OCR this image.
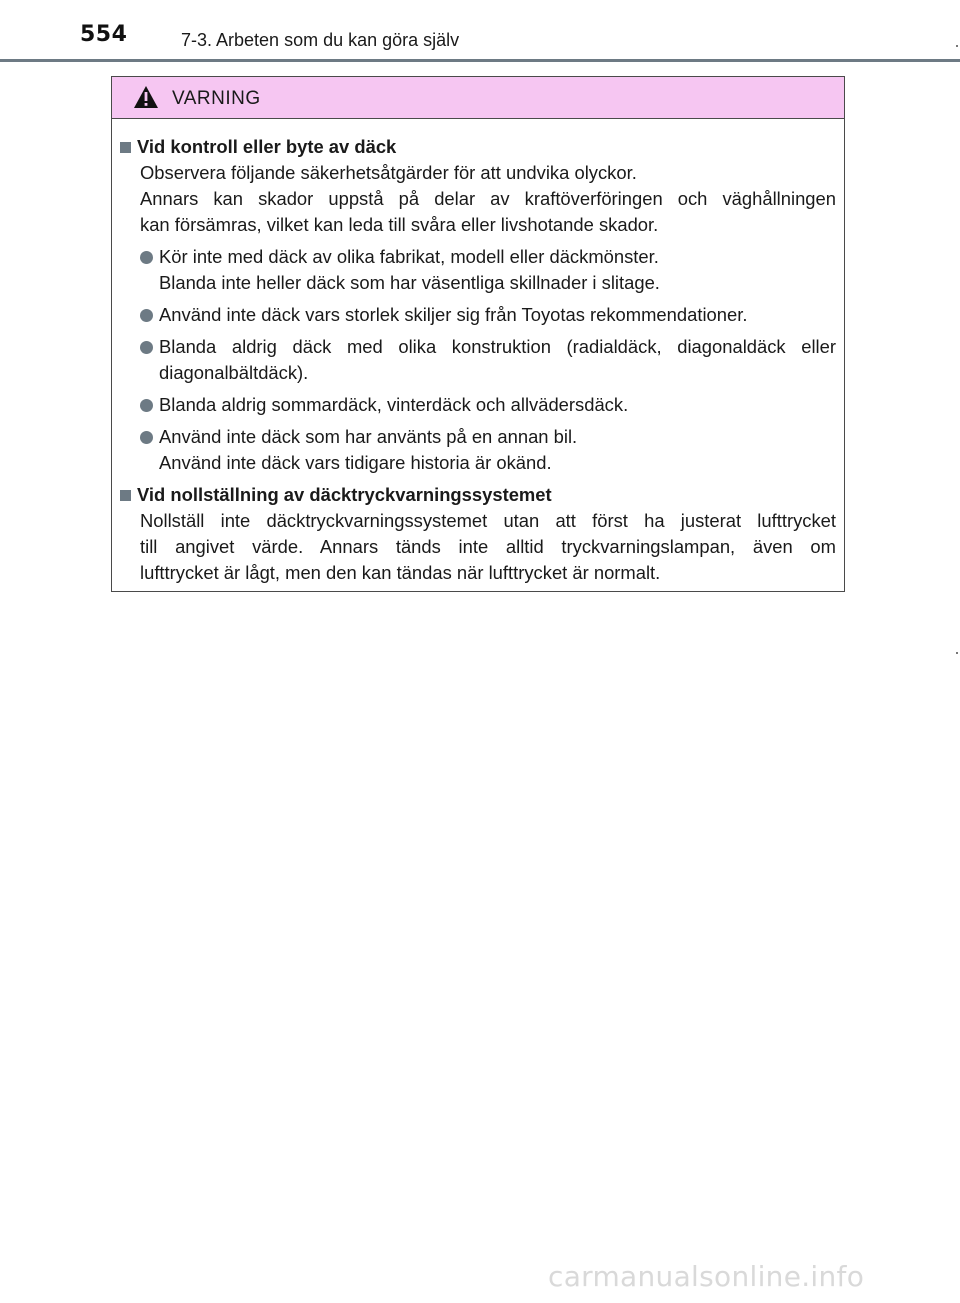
554	7-3. Arbeten som du kan göra själv
VARNING
Vid kontroll eller byte av däck
Observera följande säkerhetsåtgärder för att undvika olyckor.
Annars kan skador uppstå på delar av kraftöverföringen och väghållningen
kan försämras, vilket kan leda till svåra eller livshotande skador.
Kör inte med däck av olika fabrikat, modell eller däckmönster.
Blanda inte heller däck som har väsentliga skillnader i slitage.
Använd inte däck vars storlek skiljer sig från Toyotas rekommendationer.
Blanda aldrig däck med olika konstruktion (radialdäck, diagonaldäck eller
diagonalbältdäck).
Blanda aldrig sommardäck, vinterdäck och allvädersdäck.
Använd inte däck som har använts på en annan bil.
Använd inte däck vars tidigare historia är okänd.
Vid nollställning av däcktryckvarningssystemet
Nollställ inte däcktryckvarningssystemet utan att först ha justerat lufttrycket
till angivet värde. Annars tänds inte alltid tryckvarningslampan, även om
lufttrycket är lågt, men den kan tändas när lufttrycket är normalt.
carmanualsonline.info
